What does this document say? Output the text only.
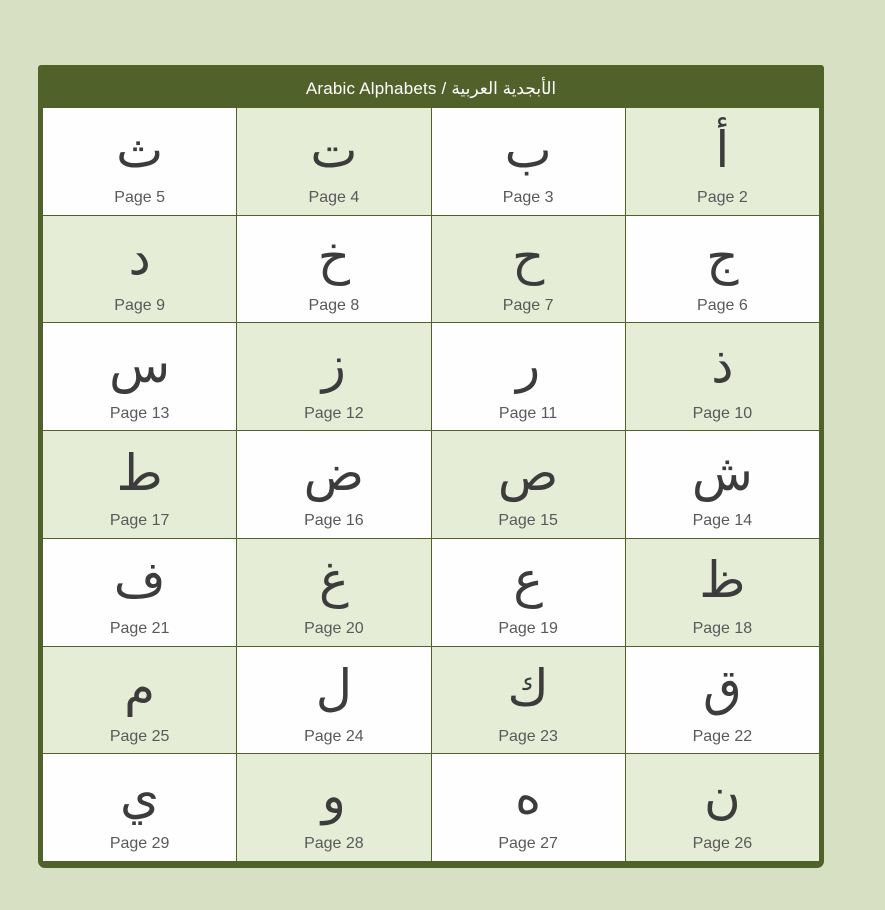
Arabic Alphabets / الأبجدية العربية
ث
Page 5
ت
Page 4
ب
Page 3
أ
Page 2
د
Page 9
خ
Page 8
ح
Page 7
ج
Page 6
س
Page 13
ز
Page 12
ر
Page 11
ذ
Page 10
ط
Page 17
ض
Page 16
ص
Page 15
ش
Page 14
ف
Page 21
غ
Page 20
ع
Page 19
ظ
Page 18
م
Page 25
ل
Page 24
ك
Page 23
ق
Page 22
ي
Page 29
و
Page 28
ه
Page 27
ن
Page 26
